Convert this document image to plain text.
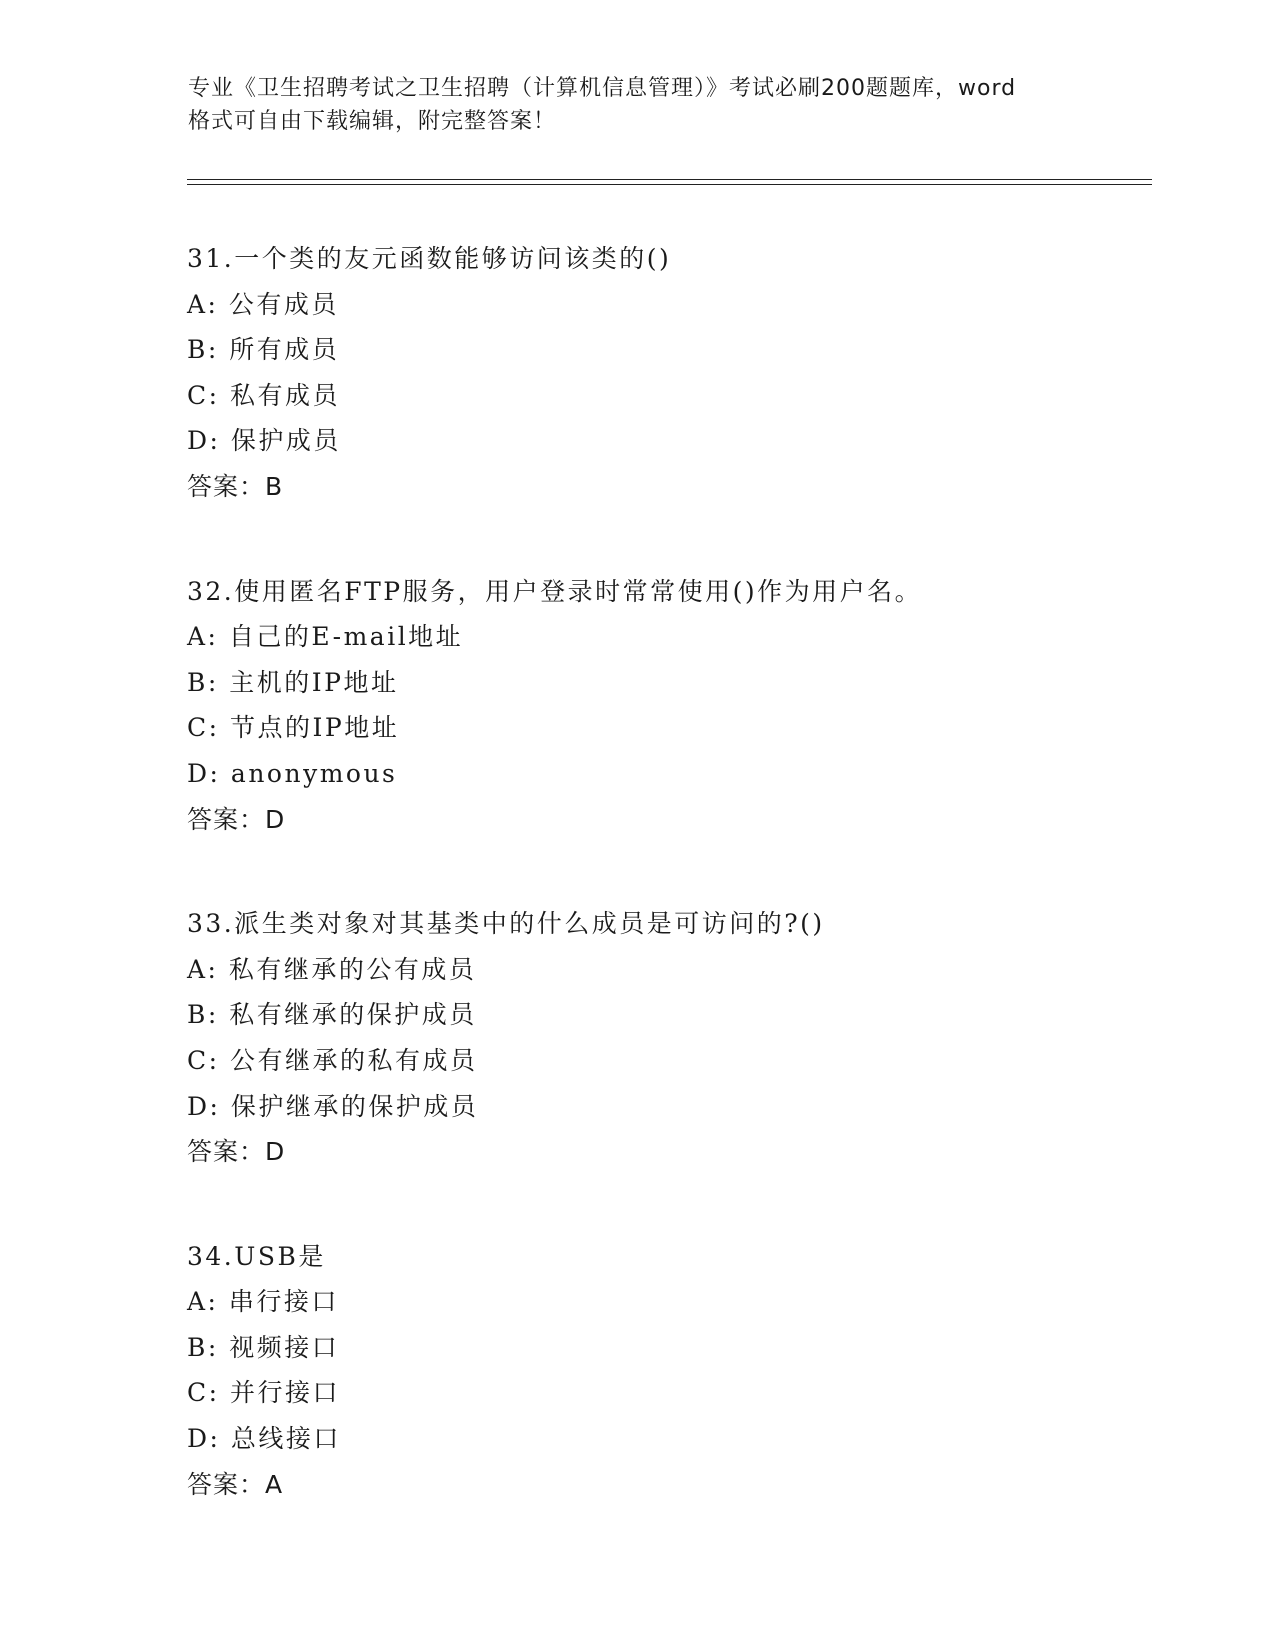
专业《卫生招聘考试之卫生招聘（计算机信息管理）》考试必刷200题题库，word
格式可自由下载编辑，附完整答案！
31.一个类的友元函数能够访问该类的()
A: 公有成员
B: 所有成员
C: 私有成员
D: 保护成员
答案：B
32.使用匿名FTP服务，用户登录时常常使用()作为用户名。
A: 自己的E-mail地址
B: 主机的IP地址
C: 节点的IP地址
D: anonymous
答案：D
33.派生类对象对其基类中的什么成员是可访问的?()
A: 私有继承的公有成员
B: 私有继承的保护成员
C: 公有继承的私有成员
D: 保护继承的保护成员
答案：D
34.USB是
A: 串行接口
B: 视频接口
C: 并行接口
D: 总线接口
答案：A
